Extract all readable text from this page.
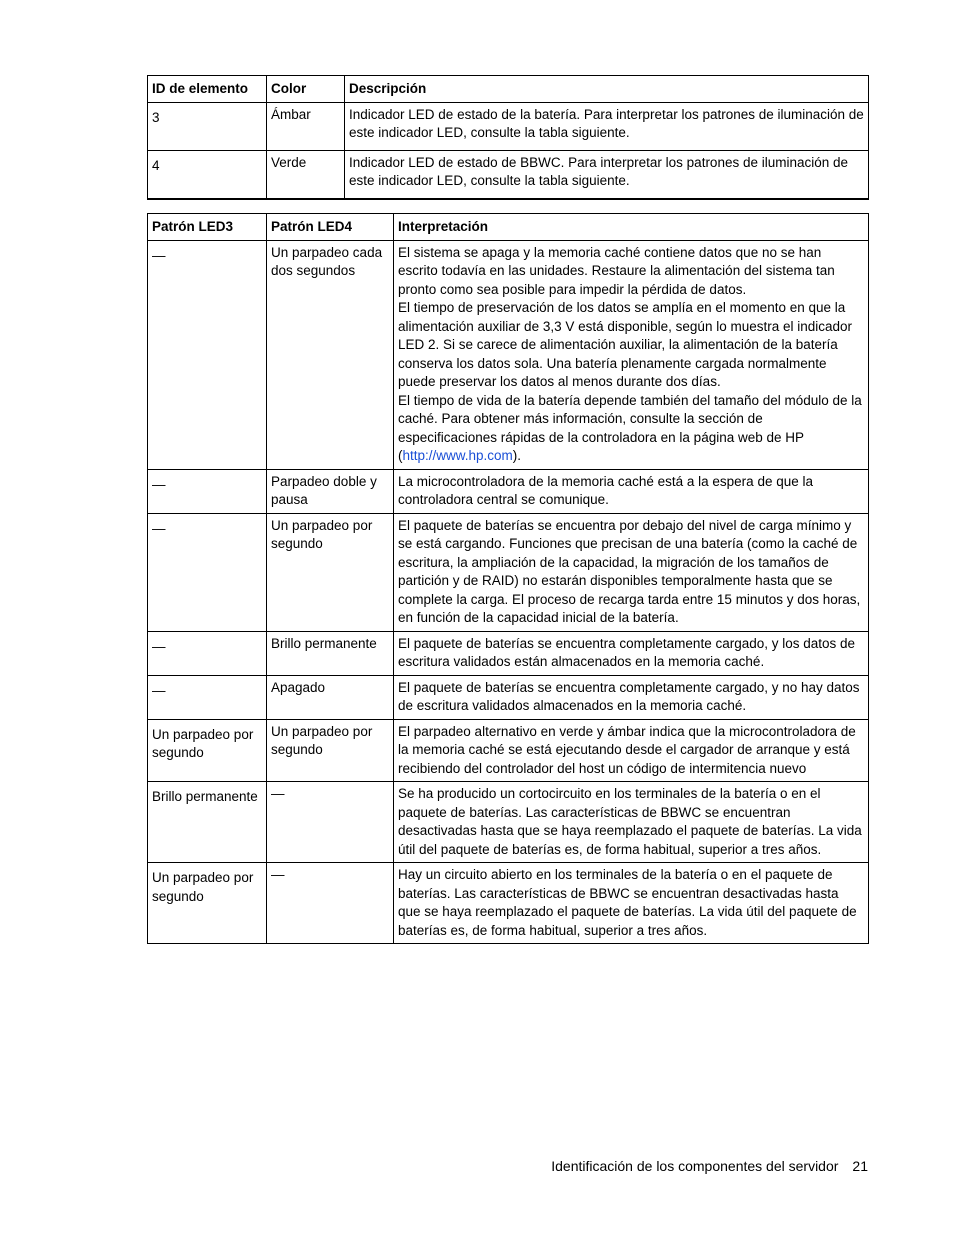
ID de elemento	Color	Descripción

3	Ámbar	Indicador LED de estado de la batería. Para interpretar los patrones de iluminación de este indicador LED, consulte la tabla siguiente.

4	Verde	Indicador LED de estado de BBWC. Para interpretar los patrones de iluminación de este indicador LED, consulte la tabla siguiente.
Patrón LED3	Patrón LED4	Interpretación

—	Un parpadeo cada dos segundos	El sistema se apaga y la memoria caché contiene datos que no se han escrito todavía en las unidades. Restaure la alimentación del sistema tan pronto como sea posible para impedir la pérdida de datos.
El tiempo de preservación de los datos se amplía en el momento en que la alimentación auxiliar de 3,3 V está disponible, según lo muestra el indicador LED 2. Si se carece de alimentación auxiliar, la alimentación de la batería conserva los datos sola. Una batería plenamente cargada normalmente puede preservar los datos al menos durante dos días.
El tiempo de vida de la batería depende también del tamaño del módulo de la caché. Para obtener más información, consulte la sección de especificaciones rápidas de la controladora en la página web de HP (http://www.hp.com).

—	Parpadeo doble y pausa	La microcontroladora de la memoria caché está a la espera de que la controladora central se comunique.

—	Un parpadeo por segundo	El paquete de baterías se encuentra por debajo del nivel de carga mínimo y se está cargando. Funciones que precisan de una batería (como la caché de escritura, la ampliación de la capacidad, la migración de los tamaños de partición y de RAID) no estarán disponibles temporalmente hasta que se complete la carga. El proceso de recarga tarda entre 15 minutos y dos horas, en función de la capacidad inicial de la batería.

—	Brillo permanente	El paquete de baterías se encuentra completamente cargado, y los datos de escritura validados están almacenados en la memoria caché.

—	Apagado	El paquete de baterías se encuentra completamente cargado, y no hay datos de escritura validados almacenados en la memoria caché.

Un parpadeo por segundo	Un parpadeo por segundo	El parpadeo alternativo en verde y ámbar indica que la microcontroladora de la memoria caché se está ejecutando desde el cargador de arranque y está recibiendo del controlador del host un código de intermitencia nuevo

Brillo permanente	—	Se ha producido un cortocircuito en los terminales de la batería o en el paquete de baterías. Las características de BBWC se encuentran desactivadas hasta que se haya reemplazado el paquete de baterías. La vida útil del paquete de baterías es, de forma habitual, superior a tres años.

Un parpadeo por segundo	—	Hay un circuito abierto en los terminales de la batería o en el paquete de baterías. Las características de BBWC se encuentran desactivadas hasta que se haya reemplazado el paquete de baterías. La vida útil del paquete de baterías es, de forma habitual, superior a tres años.
Identificación de los componentes del servidor 21
